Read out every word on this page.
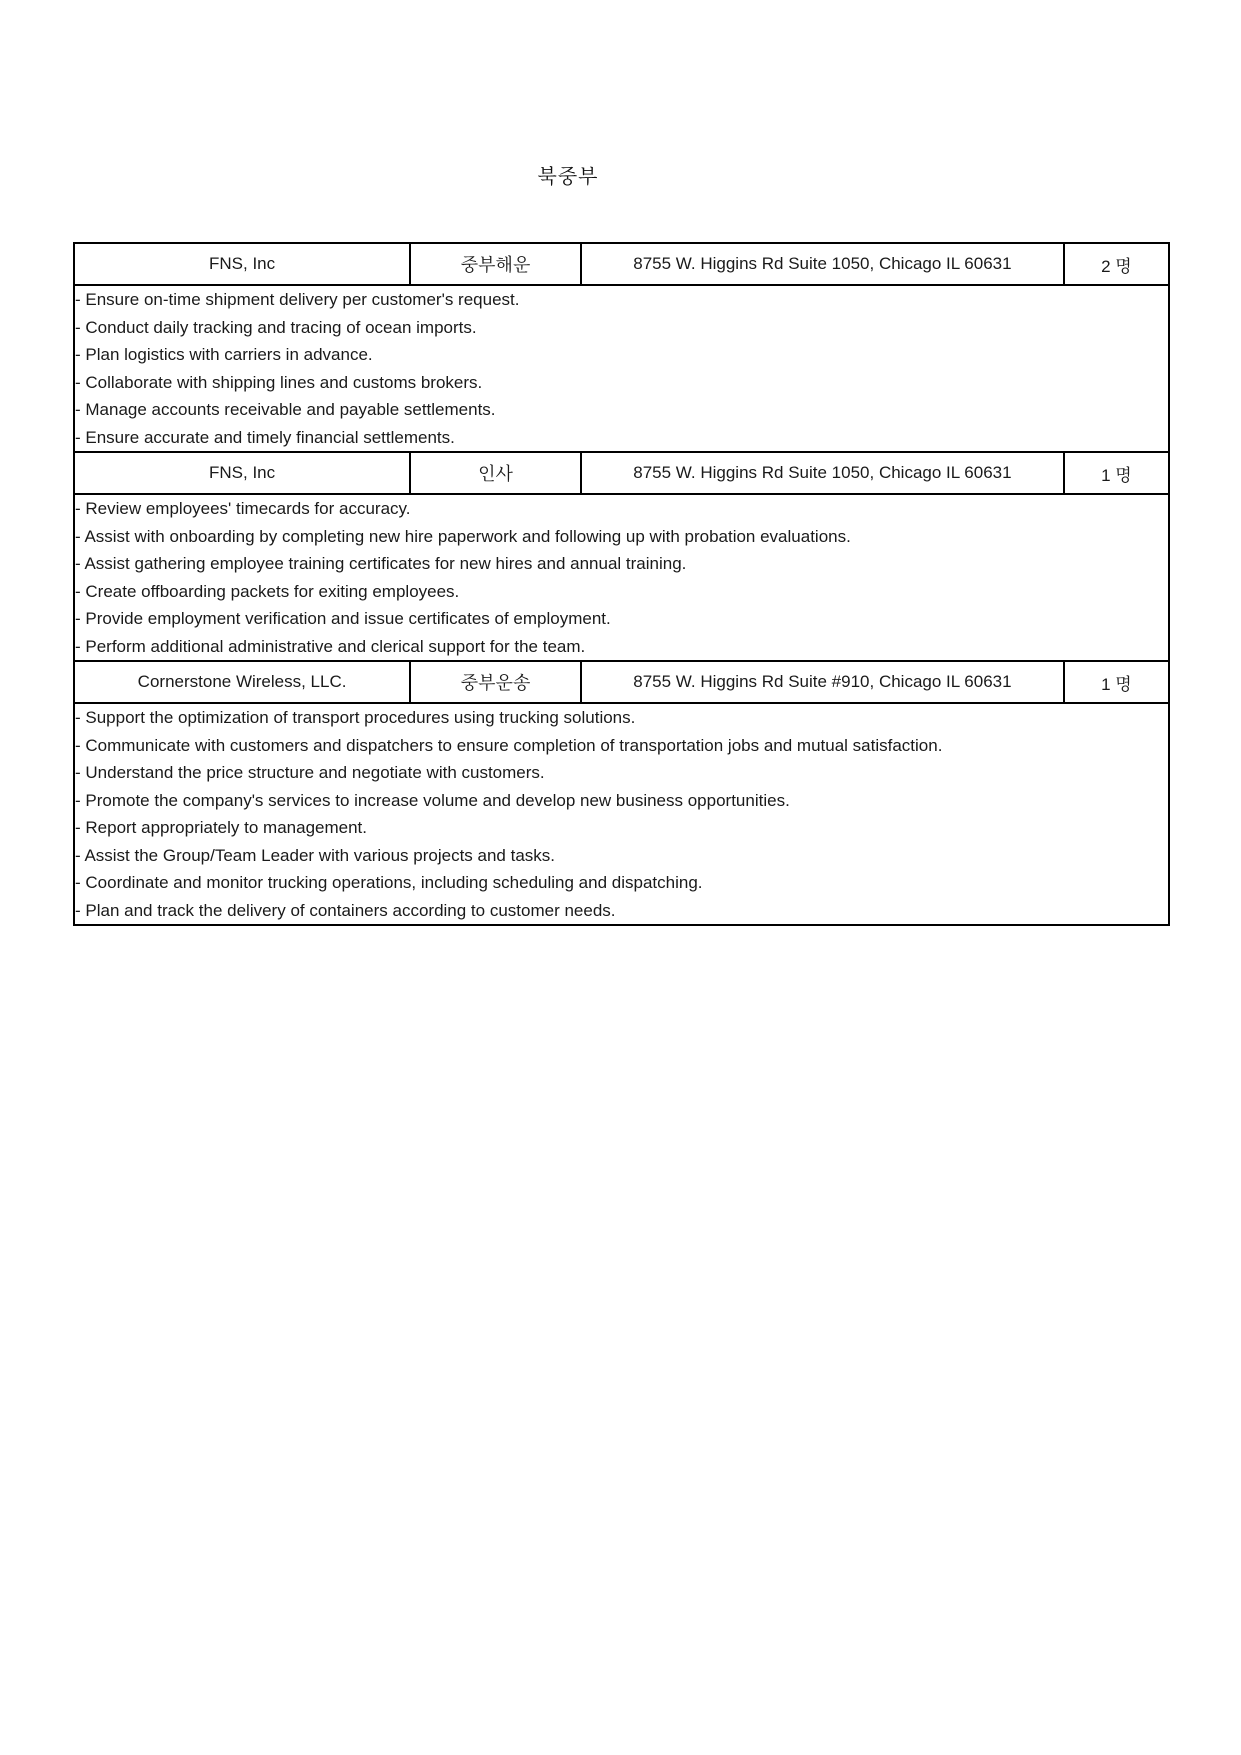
북중부
FNS, Inc	중부해운	8755 W. Higgins Rd Suite 1050, Chicago IL 60631	2 명

- Ensure on-time shipment delivery per customer's request.
- Conduct daily tracking and tracing of ocean imports.
- Plan logistics with carriers in advance.
- Collaborate with shipping lines and customs brokers.
- Manage accounts receivable and payable settlements.
- Ensure accurate and timely financial settlements.

FNS, Inc	인사	8755 W. Higgins Rd Suite 1050, Chicago IL 60631	1 명

- Review employees' timecards for accuracy.
- Assist with onboarding by completing new hire paperwork and following up with probation evaluations.
- Assist gathering employee training certificates for new hires and annual training.
- Create offboarding packets for exiting employees.
- Provide employment verification and issue certificates of employment.
- Perform additional administrative and clerical support for the team.

Cornerstone Wireless, LLC.	중부운송	8755 W. Higgins Rd Suite #910, Chicago IL 60631	1 명

- Support the optimization of transport procedures using trucking solutions.
- Communicate with customers and dispatchers to ensure completion of transportation jobs and mutual satisfaction.
- Understand the price structure and negotiate with customers.
- Promote the company's services to increase volume and develop new business opportunities.
- Report appropriately to management.
- Assist the Group/Team Leader with various projects and tasks.
- Coordinate and monitor trucking operations, including scheduling and dispatching.
- Plan and track the delivery of containers according to customer needs.
